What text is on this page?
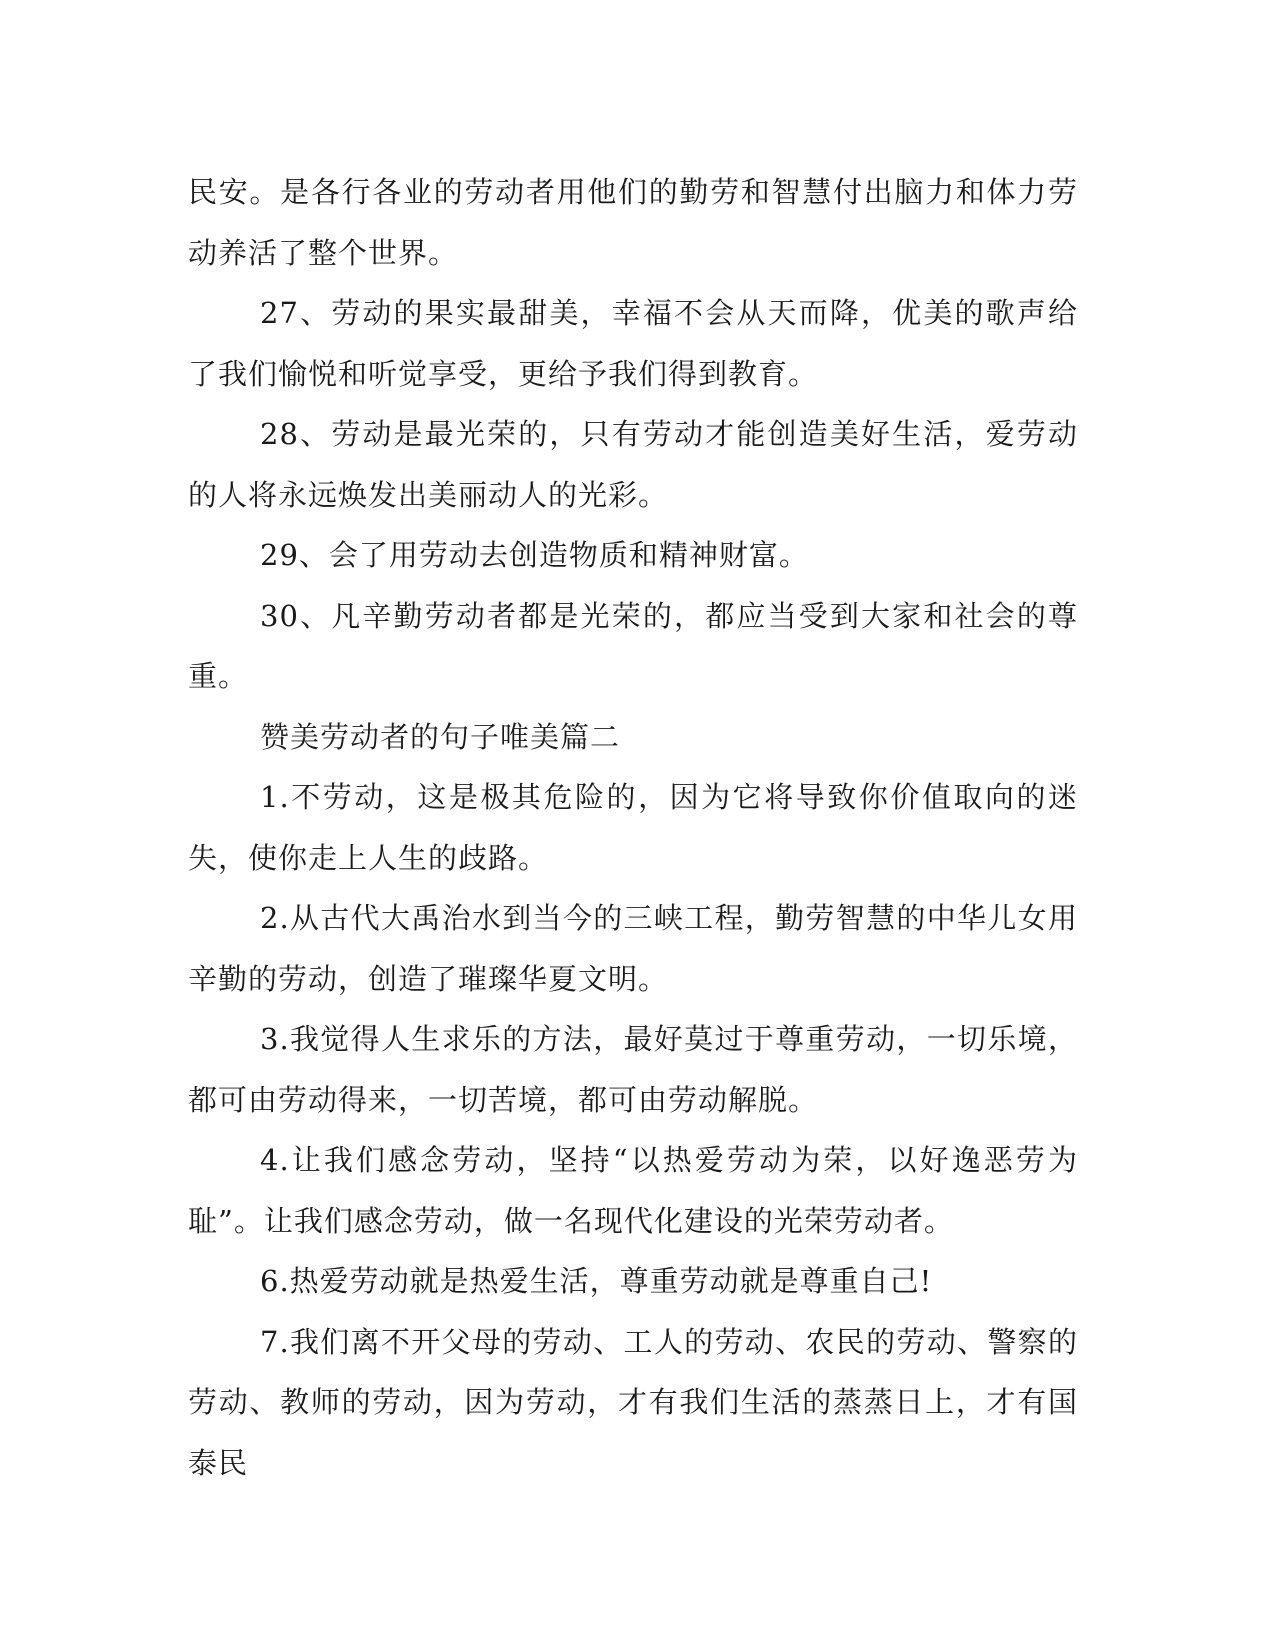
民安。是各行各业的劳动者用他们的勤劳和智慧付出脑力和体力劳动养活了整个世界。

27、劳动的果实最甜美，幸福不会从天而降，优美的歌声给了我们愉悦和听觉享受，更给予我们得到教育。

28、劳动是最光荣的，只有劳动才能创造美好生活，爱劳动的人将永远焕发出美丽动人的光彩。

29、会了用劳动去创造物质和精神财富。

30、凡辛勤劳动者都是光荣的，都应当受到大家和社会的尊重。

赞美劳动者的句子唯美篇二

1.不劳动，这是极其危险的，因为它将导致你价值取向的迷失，使你走上人生的歧路。

2.从古代大禹治水到当今的三峡工程，勤劳智慧的中华儿女用辛勤的劳动，创造了璀璨华夏文明。

3.我觉得人生求乐的方法，最好莫过于尊重劳动，一切乐境，都可由劳动得来，一切苦境，都可由劳动解脱。

4.让我们感念劳动，坚持“以热爱劳动为荣，以好逸恶劳为耻”。让我们感念劳动，做一名现代化建设的光荣劳动者。

6.热爱劳动就是热爱生活，尊重劳动就是尊重自己!

7.我们离不开父母的劳动、工人的劳动、农民的劳动、警察的劳动、教师的劳动，因为劳动，才有我们生活的蒸蒸日上，才有国泰民
